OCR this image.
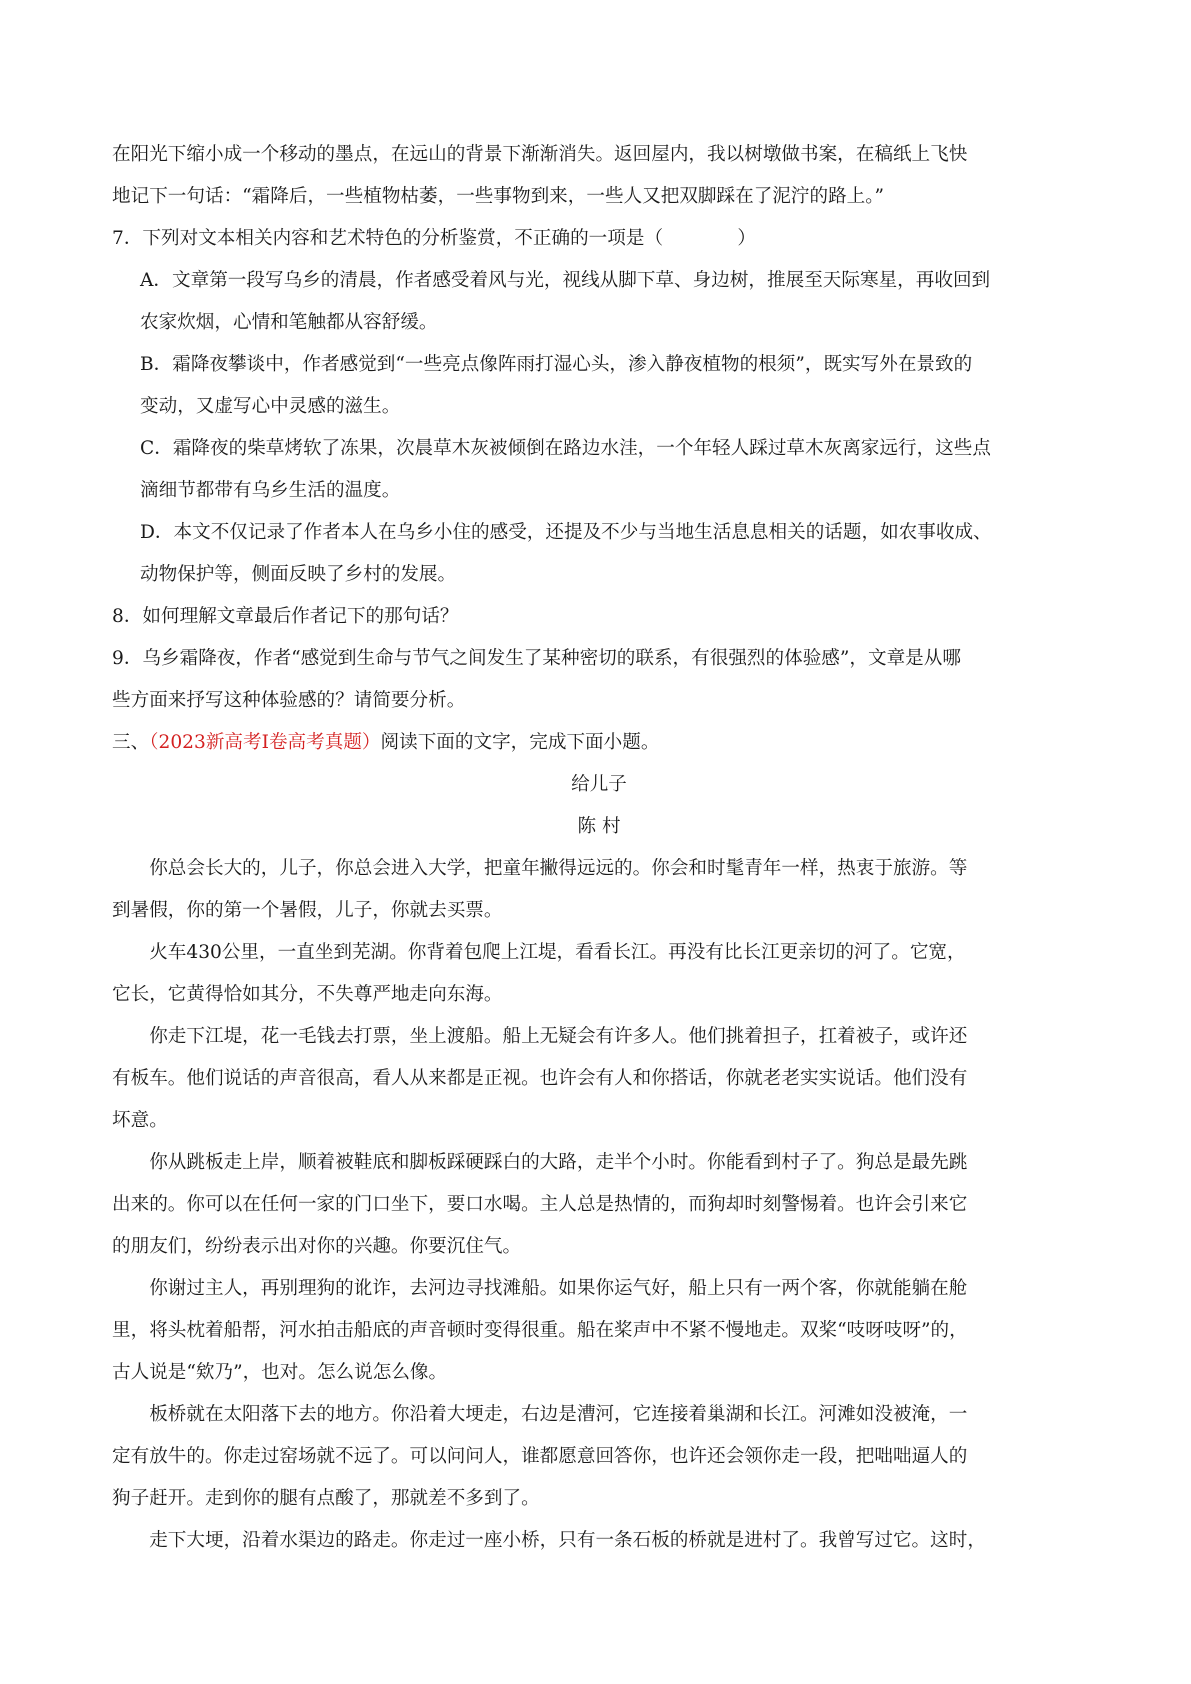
在阳光下缩小成一个移动的墨点，在远山的背景下渐渐消失。返回屋内，我以树墩做书案，在稿纸上飞快

地记下一句话：“霜降后，一些植物枯萎，一些事物到来，一些人又把双脚踩在了泥泞的路上。”

7．下列对文本相关内容和艺术特色的分析鉴赏，不正确的一项是（　　　　）

A．文章第一段写乌乡的清晨，作者感受着风与光，视线从脚下草、身边树，推展至天际寒星，再收回到

农家炊烟，心情和笔触都从容舒缓。

B．霜降夜攀谈中，作者感觉到“一些亮点像阵雨打湿心头，渗入静夜植物的根须”，既实写外在景致的

变动，又虚写心中灵感的滋生。

C．霜降夜的柴草烤软了冻果，次晨草木灰被倾倒在路边水洼，一个年轻人踩过草木灰离家远行，这些点

滴细节都带有乌乡生活的温度。

D．本文不仅记录了作者本人在乌乡小住的感受，还提及不少与当地生活息息相关的话题，如农事收成、

动物保护等，侧面反映了乡村的发展。

8．如何理解文章最后作者记下的那句话？

9．乌乡霜降夜，作者“感觉到生命与节气之间发生了某种密切的联系，有很强烈的体验感”，文章是从哪

些方面来抒写这种体验感的？请简要分析。

三、（2023新高考Ⅰ卷高考真题）阅读下面的文字，完成下面小题。

给儿子

陈 村

你总会长大的，儿子，你总会进入大学，把童年撇得远远的。你会和时髦青年一样，热衷于旅游。等

到暑假，你的第一个暑假，儿子，你就去买票。

火车430公里，一直坐到芜湖。你背着包爬上江堤，看看长江。再没有比长江更亲切的河了。它宽，

它长，它黄得恰如其分，不失尊严地走向东海。

你走下江堤，花一毛钱去打票，坐上渡船。船上无疑会有许多人。他们挑着担子，扛着被子，或许还

有板车。他们说话的声音很高，看人从来都是正视。也许会有人和你搭话，你就老老实实说话。他们没有

坏意。

你从跳板走上岸，顺着被鞋底和脚板踩硬踩白的大路，走半个小时。你能看到村子了。狗总是最先跳

出来的。你可以在任何一家的门口坐下，要口水喝。主人总是热情的，而狗却时刻警惕着。也许会引来它

的朋友们，纷纷表示出对你的兴趣。你要沉住气。

你谢过主人，再别理狗的讹诈，去河边寻找滩船。如果你运气好，船上只有一两个客，你就能躺在舱

里，将头枕着船帮，河水拍击船底的声音顿时变得很重。船在桨声中不紧不慢地走。双桨“吱呀吱呀”的，

古人说是“欸乃”，也对。怎么说怎么像。

板桥就在太阳落下去的地方。你沿着大埂走，右边是漕河，它连接着巢湖和长江。河滩如没被淹，一

定有放牛的。你走过窑场就不远了。可以问问人，谁都愿意回答你，也许还会领你走一段，把咄咄逼人的

狗子赶开。走到你的腿有点酸了，那就差不多到了。

走下大埂，沿着水渠边的路走。你走过一座小桥，只有一条石板的桥就是进村了。我曾写过它。这时，
